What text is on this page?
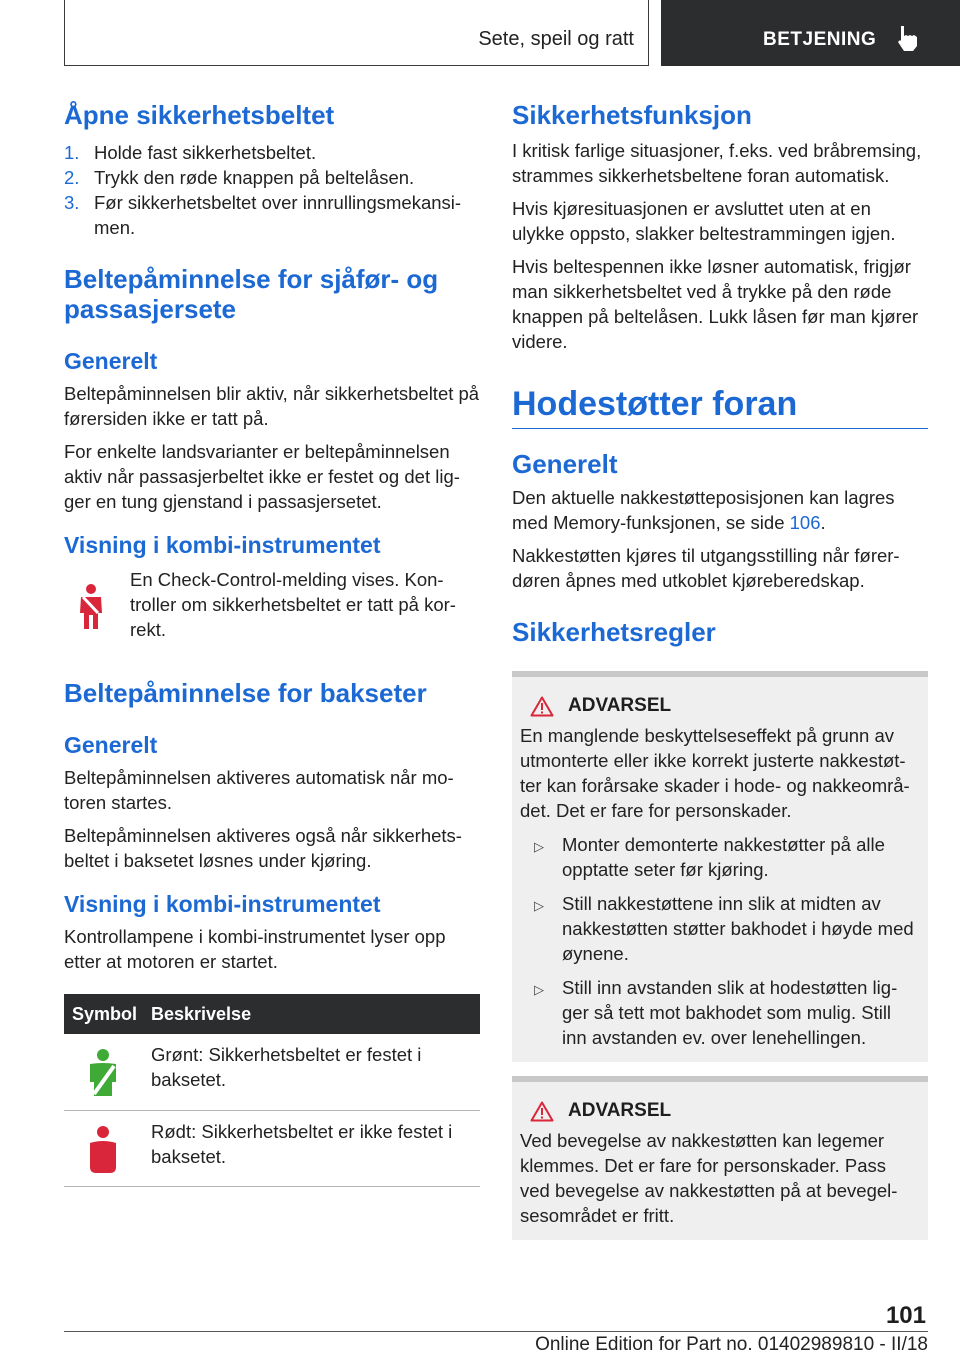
Sete, speil og ratt	BETJENING
Åpne sikkerhetsbeltet
1. Holde fast sikkerhetsbeltet.
2. Trykk den røde knappen på beltelåsen.
3. Før sikkerhetsbeltet over innrullingsmekansi-men.
Beltepåminnelse for sjåfør- og passasjersete
Generelt

Beltepåminnelsen blir aktiv, når sikkerhetsbeltet på førersiden ikke er tatt på.

For enkelte landsvarianter er beltepåminnelsen aktiv når passasjerbeltet ikke er festet og det lig-ger en tung gjenstand i passasjersetet.

Visning i kombi-instrumentet

En Check-Control-melding vises. Kon-troller om sikkerhetsbeltet er tatt på kor-rekt.

Beltepåminnelse for bakseter
Generelt

Beltepåminnelsen aktiveres automatisk når mo-toren startes.

Beltepåminnelsen aktiveres også når sikkerhets-beltet i baksetet løsnes under kjøring.

Visning i kombi-instrumentet

Kontrollampene i kombi-instrumentet lyser opp etter at motoren er startet.

Symbol	Beskrivelse
	Grønt: Sikkerhetsbeltet er festet i baksetet.
	Rødt: Sikkerhetsbeltet er ikke festet i baksetet.
Sikkerhetsfunksjon

I kritisk farlige situasjoner, f.eks. ved bråbremsing, strammes sikkerhetsbeltene foran automatisk.

Hvis kjøresituasjonen er avsluttet uten at en ulykke oppsto, slakker beltestrammingen igjen.

Hvis beltespennen ikke løsner automatisk, frigjør man sikkerhetsbeltet ved å trykke på den røde knappen på beltelåsen. Lukk låsen før man kjører videre.

Hodestøtter foran
Generelt

Den aktuelle nakkestøtteposisjonen kan lagres med Memory-funksjonen, se side 106.

Nakkestøtten kjøres til utgangsstilling når fører-døren åpnes med utkoblet kjøreberedskap.

Sikkerhetsregler
ADVARSEL

En manglende beskyttelseseffekt på grunn av utmonterte eller ikke korrekt justerte nakkestøt-ter kan forårsake skader i hode- og nakkeområ-det. Det er fare for personskader.

▷ Monter demonterte nakkestøtter på alle opptatte seter før kjøring.
▷ Still nakkestøttene inn slik at midten av nakkestøtten støtter bakhodet i høyde med øynene.
▷ Still inn avstanden slik at hodestøtten lig-ger så tett mot bakhodet som mulig. Still inn avstanden ev. over lenehellingen.
ADVARSEL

Ved bevegelse av nakkestøtten kan legemer klemmes. Det er fare for personskader. Pass ved bevegelse av nakkestøtten på at bevegel-sesområdet er fritt.

101
Online Edition for Part no. 01402989810 - II/18
